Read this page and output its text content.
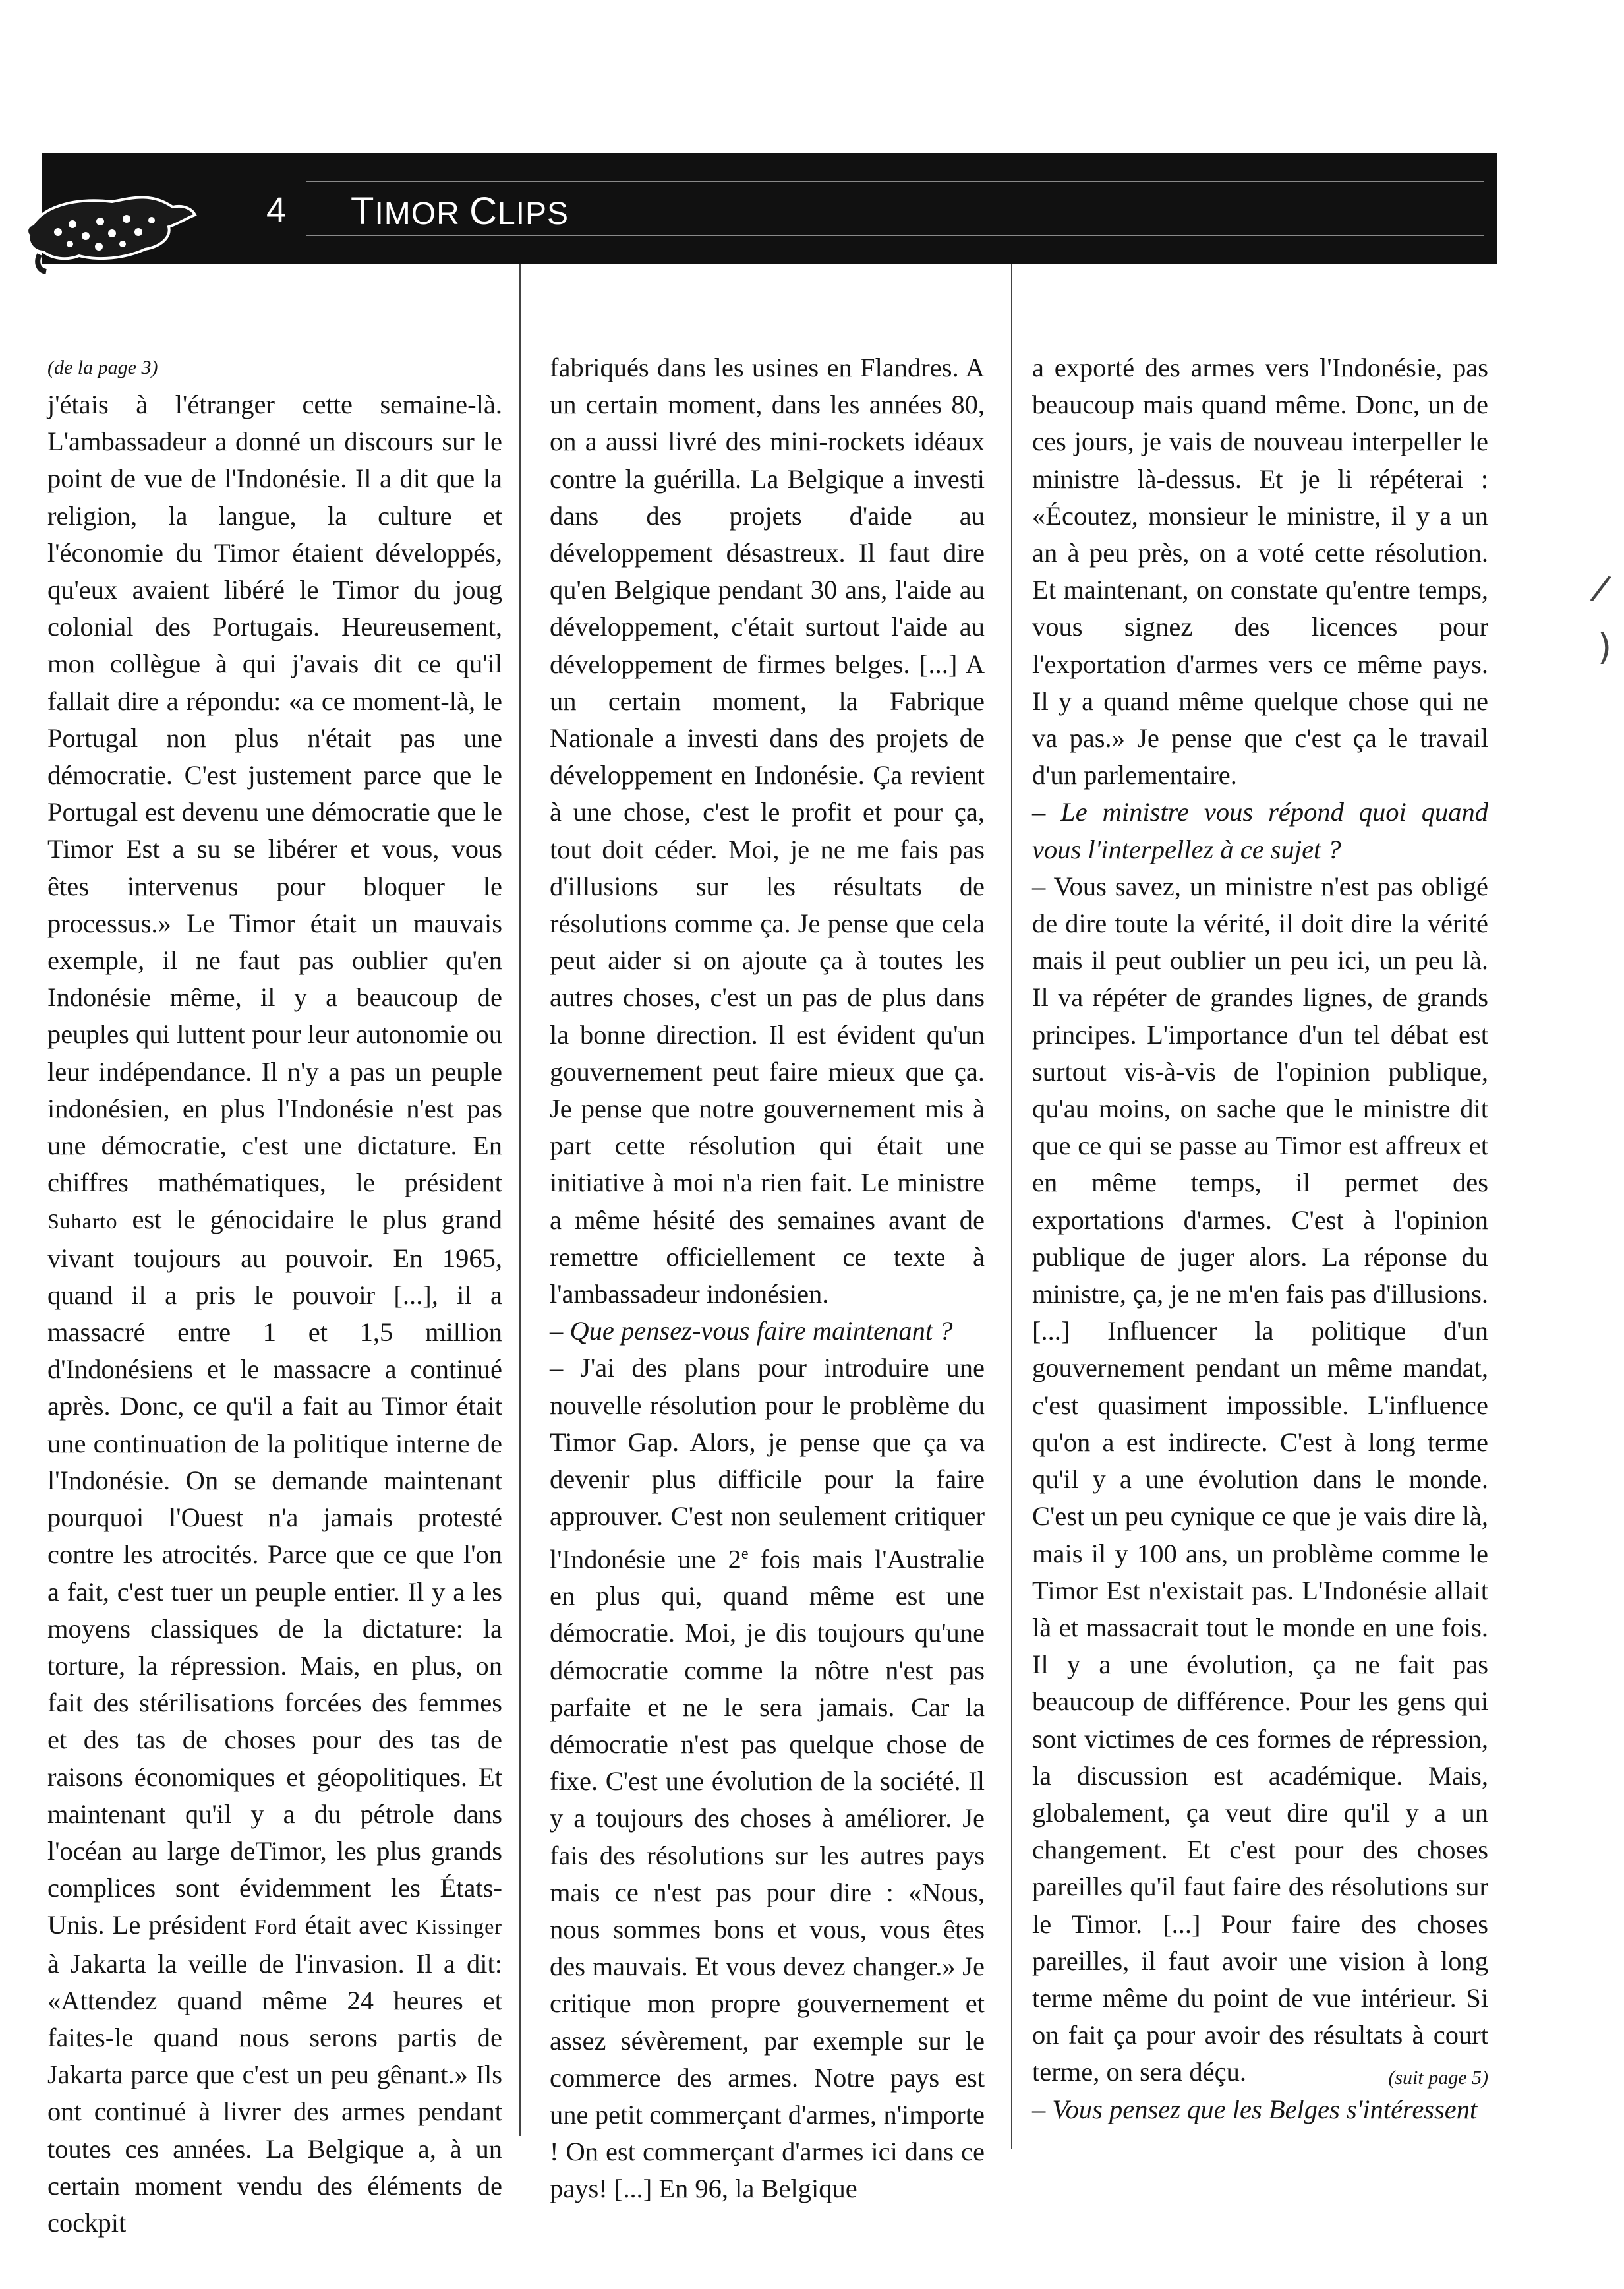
4 TIMOR CLIPS

(de la page 3)

j'étais à l'étranger cette semaine-là. L'ambassadeur a donné un discours sur le point de vue de l'Indonésie. Il a dit que la religion, la langue, la culture et l'économie du Timor étaient développés, qu'eux avaient libéré le Timor du joug colonial des Portugais. Heureusement, mon collègue à qui j'avais dit ce qu'il fallait dire a répondu: «a ce moment-là, le Portugal non plus n'était pas une démocratie. C'est justement parce que le Portugal est devenu une démocratie que le Timor Est a su se libérer et vous, vous êtes intervenus pour bloquer le processus.» Le Timor était un mauvais exemple, il ne faut pas oublier qu'en Indonésie même, il y a beaucoup de peuples qui luttent pour leur autonomie ou leur indépendance. Il n'y a pas un peuple indonésien, en plus l'Indonésie n'est pas une démocratie, c'est une dictature. En chiffres mathématiques, le président Suharto est le génocidaire le plus grand vivant toujours au pouvoir. En 1965, quand il a pris le pouvoir [...], il a massacré entre 1 et 1,5 million d'Indonésiens et le massacre a continué après. Donc, ce qu'il a fait au Timor était une continuation de la politique interne de l'Indonésie. On se demande maintenant pourquoi l'Ouest n'a jamais protesté contre les atrocités. Parce que ce que l'on a fait, c'est tuer un peuple entier. Il y a les moyens classiques de la dictature: la torture, la répression. Mais, en plus, on fait des stérilisations forcées des femmes et des tas de choses pour des tas de raisons économiques et géopolitiques. Et maintenant qu'il y a du pétrole dans l'océan au large deTimor, les plus grands complices sont évidemment les États-Unis. Le président Ford était avec Kissinger à Jakarta la veille de l'invasion. Il a dit: «Attendez quand même 24 heures et faites-le quand nous serons partis de Jakarta parce que c'est un peu gênant.» Ils ont continué à livrer des armes pendant toutes ces années. La Belgique a, à un certain moment vendu des éléments de cockpit

fabriqués dans les usines en Flandres. A un certain moment, dans les années 80, on a aussi livré des mini-rockets idéaux contre la guérilla. La Belgique a investi dans des projets d'aide au développement désastreux. Il faut dire qu'en Belgique pendant 30 ans, l'aide au développement, c'était surtout l'aide au développement de firmes belges. [...] A un certain moment, la Fabrique Nationale a investi dans des projets de développement en Indonésie. Ça revient à une chose, c'est le profit et pour ça, tout doit céder. Moi, je ne me fais pas d'illusions sur les résultats de résolutions comme ça. Je pense que cela peut aider si on ajoute ça à toutes les autres choses, c'est un pas de plus dans la bonne direction. Il est évident qu'un gouvernement peut faire mieux que ça. Je pense que notre gouvernement mis à part cette résolution qui était une initiative à moi n'a rien fait. Le ministre a même hésité des semaines avant de remettre officiellement ce texte à l'ambassadeur indonésien.

– Que pensez-vous faire maintenant ?

– J'ai des plans pour introduire une nouvelle résolution pour le problème du Timor Gap. Alors, je pense que ça va devenir plus difficile pour la faire approuver. C'est non seulement critiquer l'Indonésie une 2e fois mais l'Australie en plus qui, quand même est une démocratie. Moi, je dis toujours qu'une démocratie comme la nôtre n'est pas parfaite et ne le sera jamais. Car la démocratie n'est pas quelque chose de fixe. C'est une évolution de la société. Il y a toujours des choses à améliorer. Je fais des résolutions sur les autres pays mais ce n'est pas pour dire : «Nous, nous sommes bons et vous, vous êtes des mauvais. Et vous devez changer.» Je critique mon propre gouvernement et assez sévèrement, par exemple sur le commerce des armes. Notre pays est une petit commerçant d'armes, n'importe ! On est commerçant d'armes ici dans ce pays! [...] En 96, la Belgique

a exporté des armes vers l'Indonésie, pas beaucoup mais quand même. Donc, un de ces jours, je vais de nouveau interpeller le ministre là-dessus. Et je li répéterai : «Écoutez, monsieur le ministre, il y a un an à peu près, on a voté cette résolution. Et maintenant, on constate qu'entre temps, vous signez des licences pour l'exportation d'armes vers ce même pays. Il y a quand même quelque chose qui ne va pas.» Je pense que c'est ça le travail d'un parlementaire.

– Le ministre vous répond quoi quand vous l'interpellez à ce sujet ?

– Vous savez, un ministre n'est pas obligé de dire toute la vérité, il doit dire la vérité mais il peut oublier un peu ici, un peu là. Il va répéter de grandes lignes, de grands principes. L'importance d'un tel débat est surtout vis-à-vis de l'opinion publique, qu'au moins, on sache que le ministre dit que ce qui se passe au Timor est affreux et en même temps, il permet des exportations d'armes. C'est à l'opinion publique de juger alors. La réponse du ministre, ça, je ne m'en fais pas d'illusions. [...] Influencer la politique d'un gouvernement pendant un même mandat, c'est quasiment impossible. L'influence qu'on a est indirecte. C'est à long terme qu'il y a une évolution dans le monde. C'est un peu cynique ce que je vais dire là, mais il y 100 ans, un problème comme le Timor Est n'existait pas. L'Indonésie allait là et massacrait tout le monde en une fois. Il y a une évolution, ça ne fait pas beaucoup de différence. Pour les gens qui sont victimes de ces formes de répression, la discussion est académique. Mais, globalement, ça veut dire qu'il y a un changement. Et c'est pour des choses pareilles qu'il faut faire des résolutions sur le Timor. [...] Pour faire des choses pareilles, il faut avoir une vision à long terme même du point de vue intérieur. Si on fait ça pour avoir des résultats à court terme, on sera déçu.

– Vous pensez que les Belges s'intéressent

(suit page 5)
/
)
